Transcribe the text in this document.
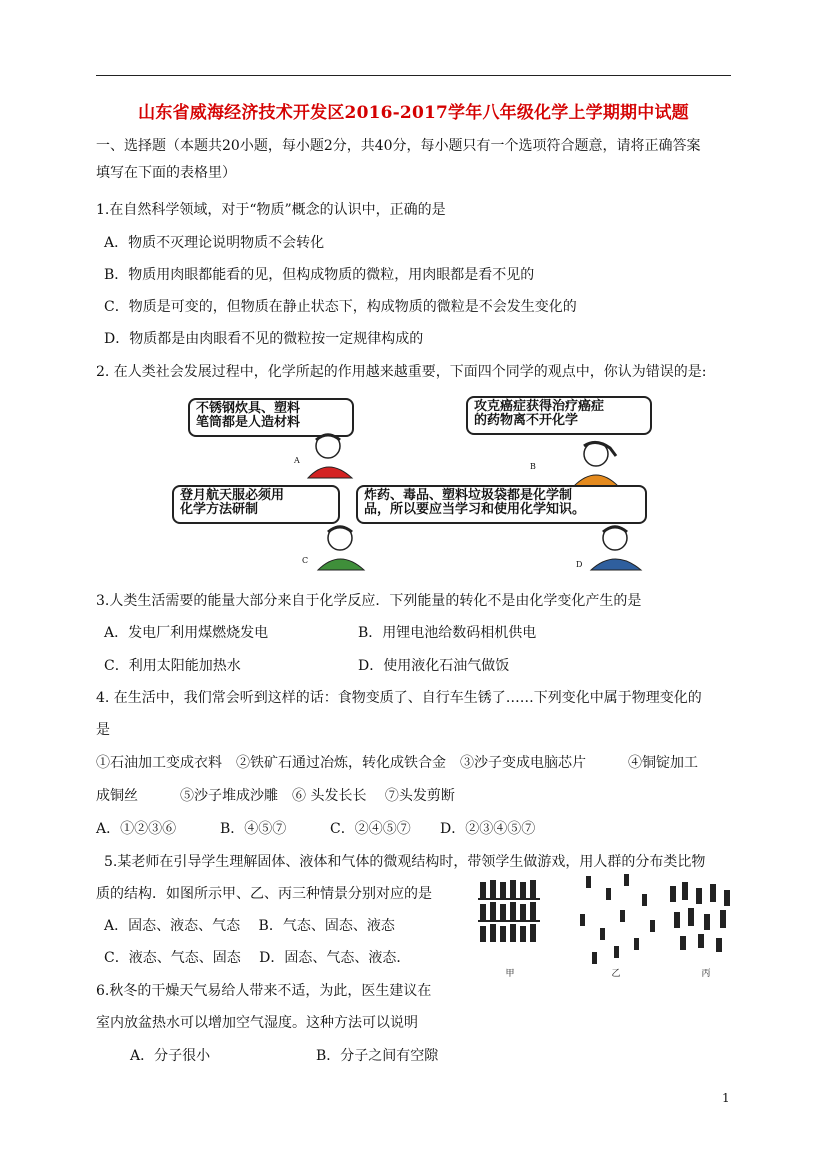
山东省威海经济技术开发区2016-2017学年八年级化学上学期期中试题
一、选择题（本题共20小题，每小题2分，共40分，每小题只有一个选项符合题意，请将正确答案
填写在下面的表格里）
1.在自然科学领域，对于“物质”概念的认识中，正确的是
A．物质不灭理论说明物质不会转化
B．物质用肉眼都能看的见，但构成物质的微粒，用肉眼都是看不见的
C．物质是可变的，但物质在静止状态下，构成物质的微粒是不会发生变化的
D．物质都是由肉眼看不见的微粒按一定规律构成的
2. 在人类社会发展过程中，化学所起的作用越来越重要，下面四个同学的观点中，你认为错误的是:
不锈钢炊具、塑料
笔筒都是人造材料
A
攻克癌症获得治疗癌症
的药物离不开化学
B
登月航天服必须用
化学方法研制
C
炸药、毒品、塑料垃圾袋都是化学制
品，所以要应当学习和使用化学知识。
D
3.人类生活需要的能量大部分来自于化学反应．下列能量的转化不是由化学变化产生的是
A．发电厂利用煤燃烧发电	B．用锂电池给数码相机供电
C．利用太阳能加热水	D．使用液化石油气做饭
4. 在生活中，我们常会听到这样的话：食物变质了、自行车生锈了……下列变化中属于物理变化的
是
①石油加工变成衣料　②铁矿石通过冶炼，转化成铁合金　③沙子变成电脑芯片　　　④铜锭加工
成铜丝　　　⑤沙子堆成沙雕　⑥ 头发长长　 ⑦头发剪断
A．①②③⑥	B．④⑤⑦	C．②④⑤⑦ D．②③④⑤⑦
5.某老师在引导学生理解固体、液体和气体的微观结构时，带领学生做游戏，用人群的分布类比物
质的结构．如图所示甲、乙、丙三种情景分别对应的是
A．固态、液态、气态　 B．气态、固态、液态
C．液态、气态、固态　 D．固态、气态、液态．
甲	乙	丙
6.秋冬的干燥天气易给人带来不适，为此，医生建议在
室内放盆热水可以增加空气湿度。这种方法可以说明
A．分子很小	B．分子之间有空隙
1
